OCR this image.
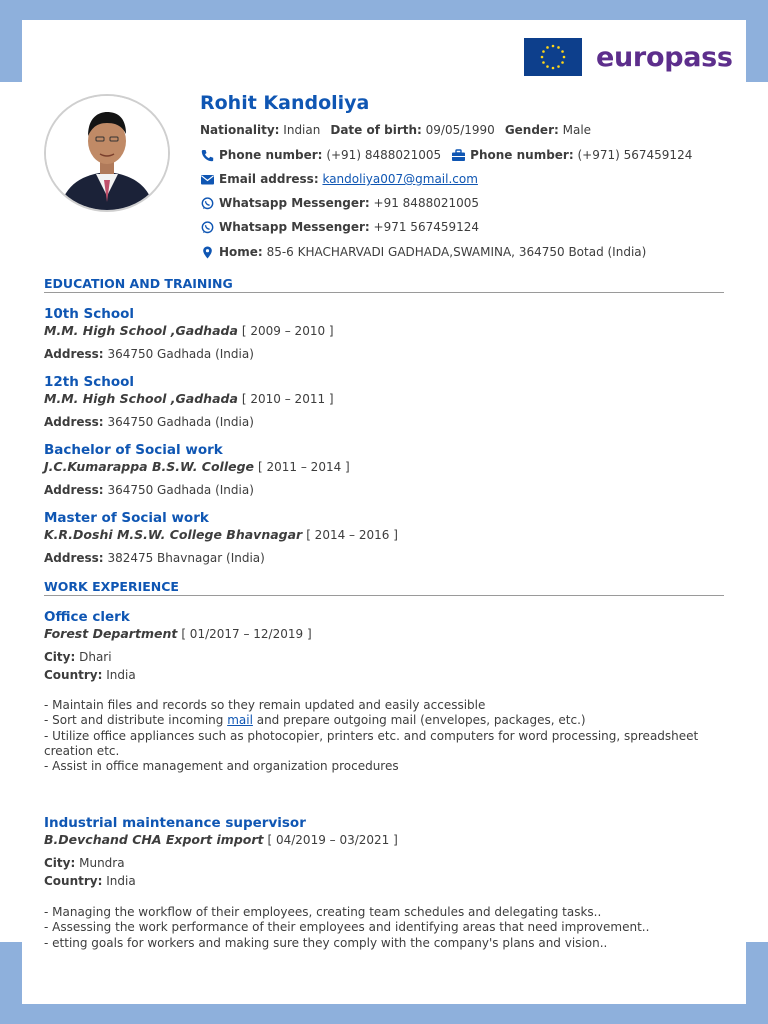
europass
Rohit Kandoliya
Nationality:
Indian Date of birth:
09/05/1990 Gender:
Male
Phone number:
(+91) 8488021005 Phone number:
(+971) 567459124
Email address:
kandoliya007@gmail.com
Whatsapp Messenger:
+91 8488021005
Whatsapp Messenger:
+971 567459124
Home:
85-6 KHACHARVADI GADHADA,SWAMINA, 364750 Botad (India)
EDUCATION AND TRAINING
10th School
M.M. High School ,Gadhada [ 2009 – 2010 ]
Address: 364750 Gadhada (India)
12th School
M.M. High School ,Gadhada [ 2010 – 2011 ]
Address: 364750 Gadhada (India)
Bachelor of Social work
J.C.Kumarappa B.S.W. College [ 2011 – 2014 ]
Address: 364750 Gadhada (India)
Master of Social work
K.R.Doshi M.S.W. College Bhavnagar [ 2014 – 2016 ]
Address: 382475 Bhavnagar (India)
WORK EXPERIENCE
Office clerk
Forest Department [ 01/2017 – 12/2019 ]
City: Dhari
Country: India
- Maintain files and records so they remain updated and easily accessible
- Sort and distribute incoming mail and prepare outgoing mail (envelopes, packages, etc.)
- Utilize office appliances such as photocopier, printers etc. and computers for word processing, spreadsheet creation etc.
- Assist in office management and organization procedures
Industrial maintenance supervisor
B.Devchand CHA Export import [ 04/2019 – 03/2021 ]
City: Mundra
Country: India
- Managing the workflow of their employees, creating team schedules and delegating tasks..
- Assessing the work performance of their employees and identifying areas that need improvement..
- etting goals for workers and making sure they comply with the company's plans and vision..
